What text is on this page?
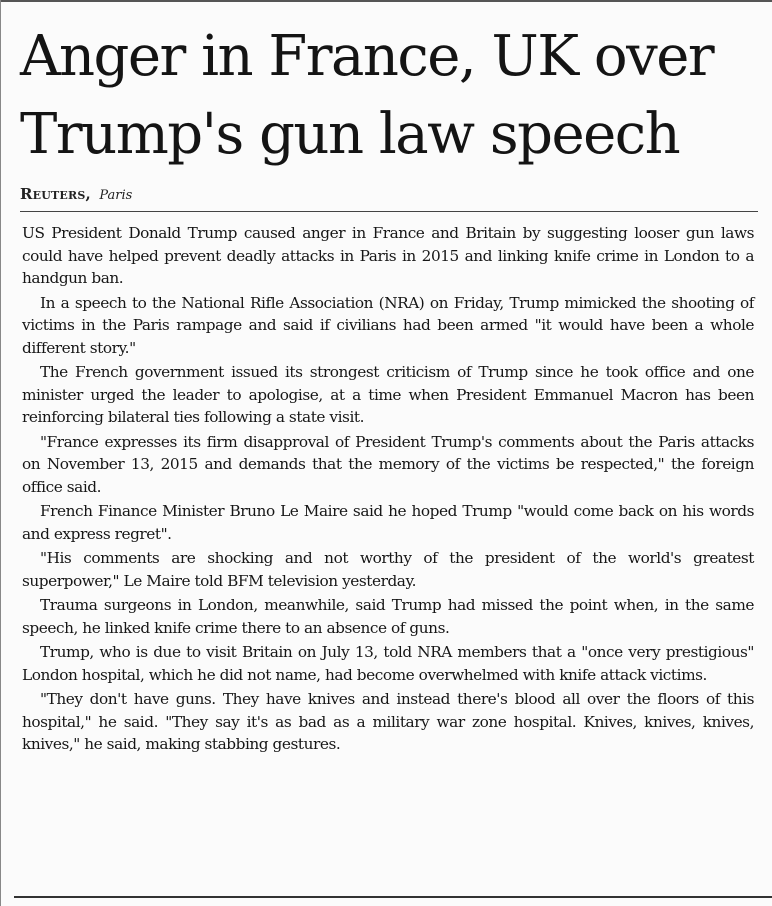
Anger in France, UK over Trump's gun law speech
Reuters, Paris

US President Donald Trump caused anger in France and Britain by suggesting looser gun laws could have helped prevent deadly attacks in Paris in 2015 and linking knife crime in London to a handgun ban.

In a speech to the National Rifle Association (NRA) on Friday, Trump mimicked the shooting of victims in the Paris rampage and said if civilians had been armed "it would have been a whole different story."

The French government issued its strongest criticism of Trump since he took office and one minister urged the leader to apologise, at a time when President Emmanuel Macron has been reinforcing bilateral ties following a state visit.

"France expresses its firm disapproval of President Trump's comments about the Paris attacks on November 13, 2015 and demands that the memory of the victims be respected," the foreign office said.

French Finance Minister Bruno Le Maire said he hoped Trump "would come back on his words and express regret".

"His comments are shocking and not worthy of the president of the world's greatest superpower," Le Maire told BFM television yesterday.

Trauma surgeons in London, meanwhile, said Trump had missed the point when, in the same speech, he linked knife crime there to an absence of guns.

Trump, who is due to visit Britain on July 13, told NRA members that a "once very prestigious" London hospital, which he did not name, had become overwhelmed with knife attack victims.

"They don't have guns. They have knives and instead there's blood all over the floors of this hospital," he said. "They say it's as bad as a military war zone hospital. Knives, knives, knives, knives," he said, making stabbing gestures.
